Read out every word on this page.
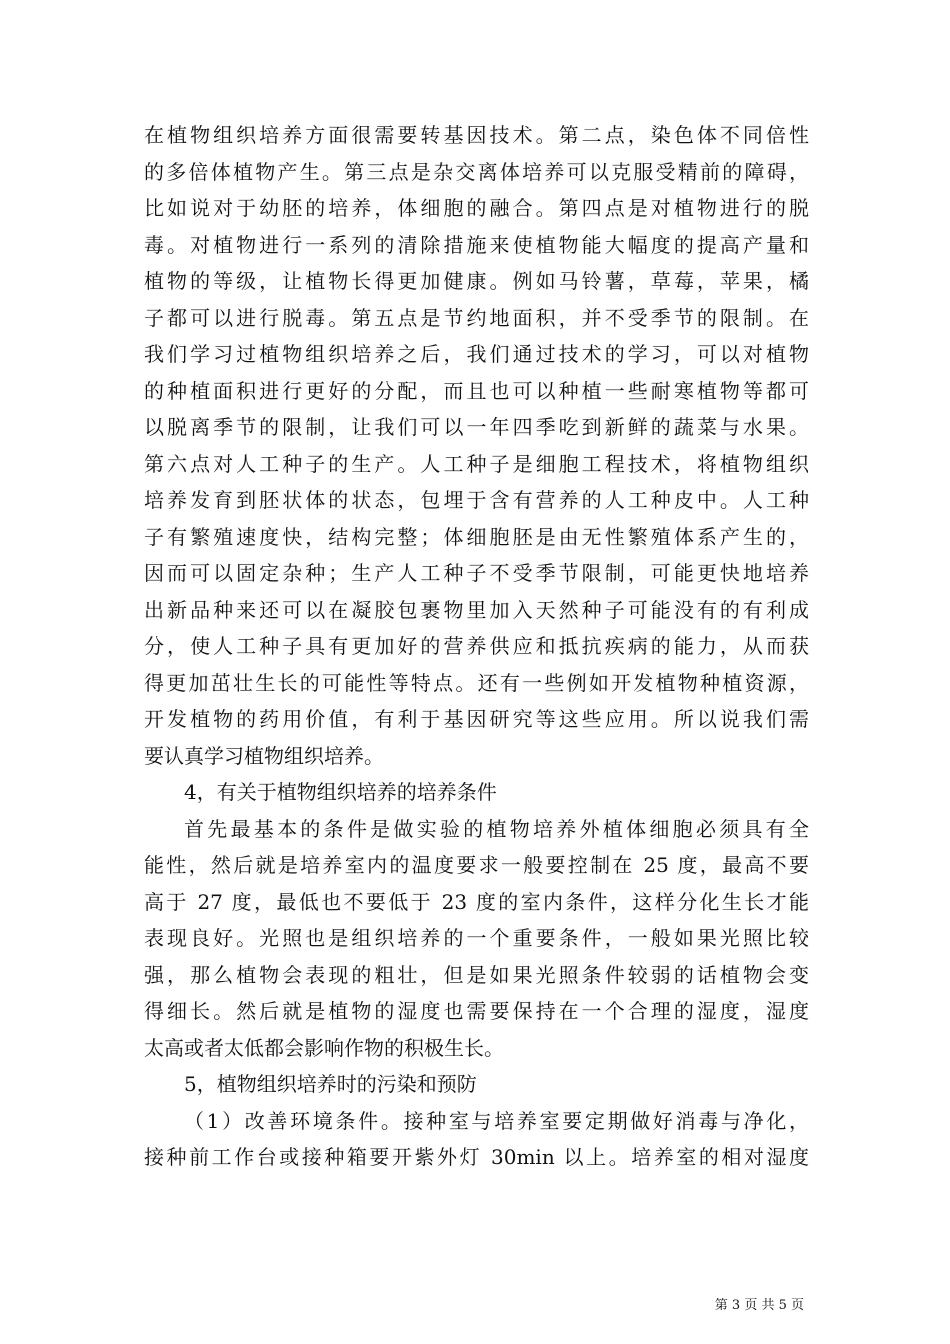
在植物组织培养方面很需要转基因技术。第二点，染色体不同倍性
的多倍体植物产生。第三点是杂交离体培养可以克服受精前的障碍，
比如说对于幼胚的培养，体细胞的融合。第四点是对植物进行的脱
毒。对植物进行一系列的清除措施来使植物能大幅度的提高产量和
植物的等级，让植物长得更加健康。例如马铃薯，草莓，苹果，橘
子都可以进行脱毒。第五点是节约地面积，并不受季节的限制。在
我们学习过植物组织培养之后，我们通过技术的学习，可以对植物
的种植面积进行更好的分配，而且也可以种植一些耐寒植物等都可
以脱离季节的限制，让我们可以一年四季吃到新鲜的蔬菜与水果。
第六点对人工种子的生产。人工种子是细胞工程技术，将植物组织
培养发育到胚状体的状态，包埋于含有营养的人工种皮中。人工种
子有繁殖速度快，结构完整；体细胞胚是由无性繁殖体系产生的，
因而可以固定杂种；生产人工种子不受季节限制，可能更快地培养
出新品种来还可以在凝胶包裹物里加入天然种子可能没有的有利成
分，使人工种子具有更加好的营养供应和抵抗疾病的能力，从而获
得更加茁壮生长的可能性等特点。还有一些例如开发植物种植资源，
开发植物的药用价值，有利于基因研究等这些应用。所以说我们需
要认真学习植物组织培养。
4，有关于植物组织培养的培养条件
首先最基本的条件是做实验的植物培养外植体细胞必须具有全
能性，然后就是培养室内的温度要求一般要控制在 25 度，最高不要
高于 27 度，最低也不要低于 23 度的室内条件，这样分化生长才能
表现良好。光照也是组织培养的一个重要条件，一般如果光照比较
强，那么植物会表现的粗壮，但是如果光照条件较弱的话植物会变
得细长。然后就是植物的湿度也需要保持在一个合理的湿度，湿度
太高或者太低都会影响作物的积极生长。
5，植物组织培养时的污染和预防
（1）改善环境条件。接种室与培养室要定期做好消毒与净化，
接种前工作台或接种箱要开紫外灯 30min 以上。培养室的相对湿度
第 3 页 共 5 页
